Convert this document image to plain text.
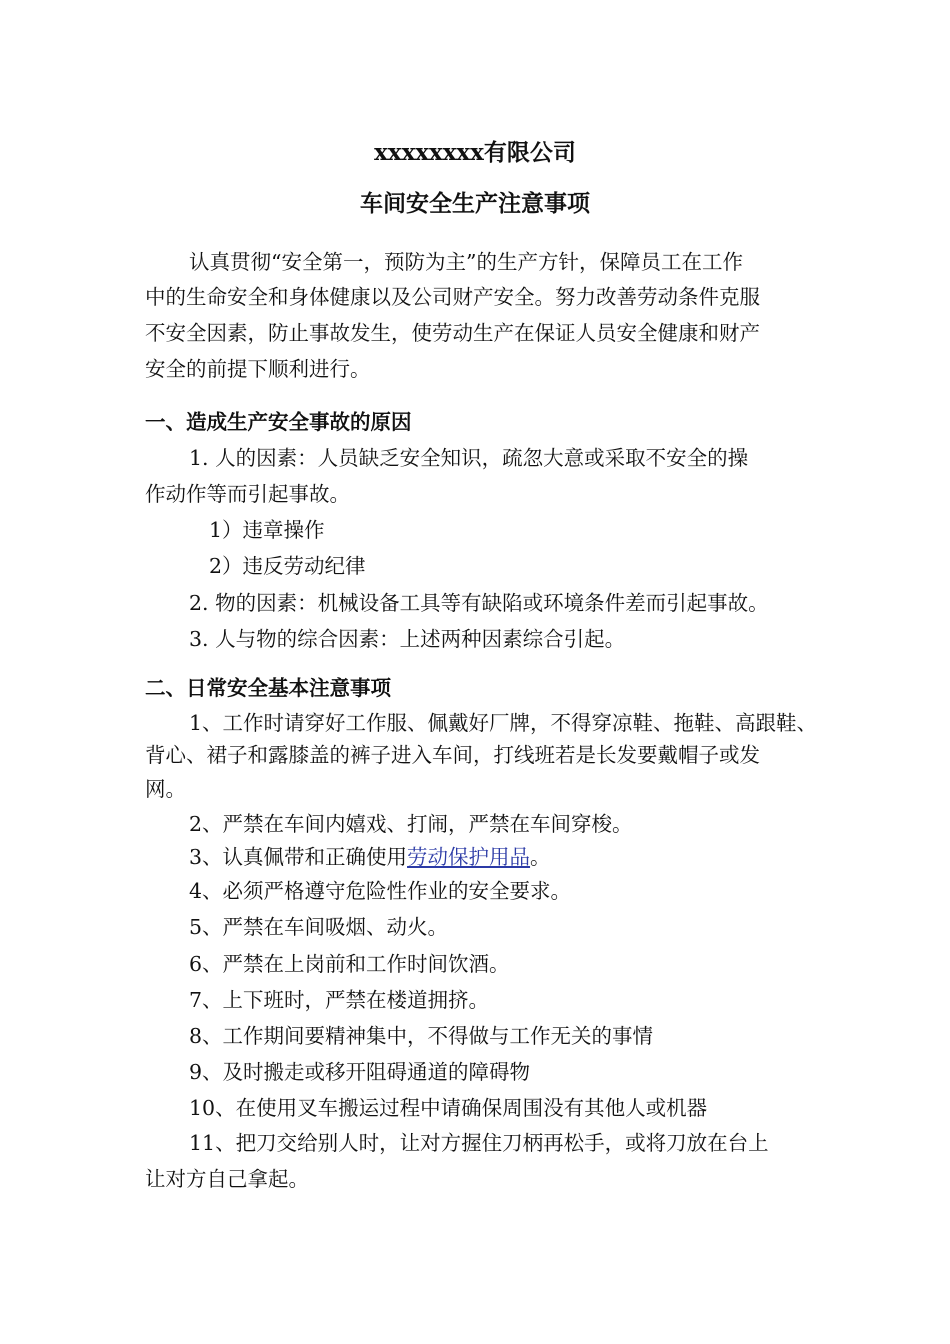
xxxxxxxx有限公司
车间安全生产注意事项
认真贯彻“安全第一，预防为主”的生产方针，保障员工在工作
中的生命安全和身体健康以及公司财产安全。努力改善劳动条件克服
不安全因素，防止事故发生，使劳动生产在保证人员安全健康和财产
安全的前提下顺利进行。
一、造成生产安全事故的原因
1. 人的因素：人员缺乏安全知识，疏忽大意或采取不安全的操
作动作等而引起事故。
1）违章操作
2）违反劳动纪律
2. 物的因素：机械设备工具等有缺陷或环境条件差而引起事故。
3. 人与物的综合因素：上述两种因素综合引起。
二、日常安全基本注意事项
1、工作时请穿好工作服、佩戴好厂牌，不得穿凉鞋、拖鞋、高跟鞋、
背心、裙子和露膝盖的裤子进入车间，打线班若是长发要戴帽子或发
网。
2、严禁在车间内嬉戏、打闹，严禁在车间穿梭。
3、认真佩带和正确使用劳动保护用品。
4、必须严格遵守危险性作业的安全要求。
5、严禁在车间吸烟、动火。
6、严禁在上岗前和工作时间饮酒。
7、上下班时，严禁在楼道拥挤。
8、工作期间要精神集中，不得做与工作无关的事情
9、及时搬走或移开阻碍通道的障碍物
10、在使用叉车搬运过程中请确保周围没有其他人或机器
11、把刀交给别人时，让对方握住刀柄再松手，或将刀放在台上
让对方自己拿起。
